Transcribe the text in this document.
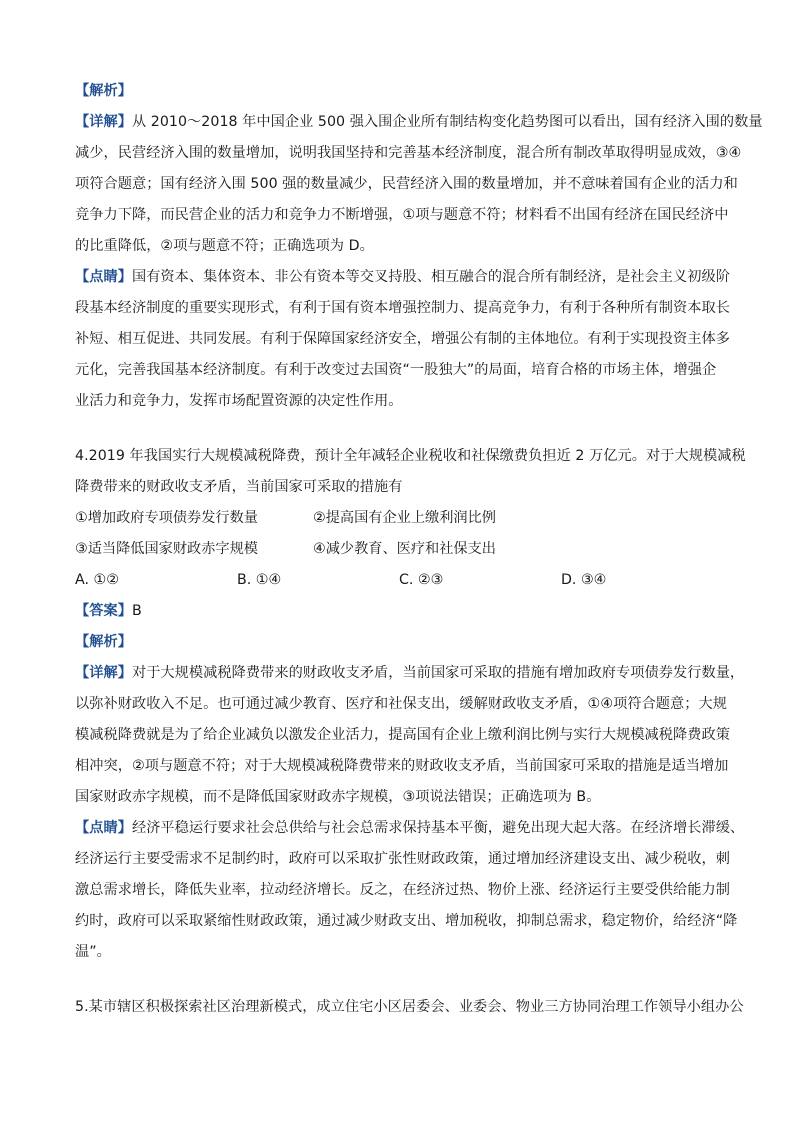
【解析】
【详解】从 2010～2018 年中国企业 500 强入围企业所有制结构变化趋势图可以看出，国有经济入围的数量
减少，民营经济入围的数量增加，说明我国坚持和完善基本经济制度，混合所有制改革取得明显成效，③④
项符合题意；国有经济入围 500 强的数量减少，民营经济入围的数量增加，并不意味着国有企业的活力和
竞争力下降，而民营企业的活力和竞争力不断增强，①项与题意不符；材料看不出国有经济在国民经济中
的比重降低，②项与题意不符；正确选项为 D。
【点睛】国有资本、集体资本、非公有资本等交叉持股、相互融合的混合所有制经济，是社会主义初级阶
段基本经济制度的重要实现形式，有利于国有资本增强控制力、提高竞争力，有利于各种所有制资本取长
补短、相互促进、共同发展。有利于保障国家经济安全，增强公有制的主体地位。有利于实现投资主体多
元化，完善我国基本经济制度。有利于改变过去国资“一股独大”的局面，培育合格的市场主体，增强企
业活力和竞争力，发挥市场配置资源的决定性作用。
4.2019 年我国实行大规模减税降费，预计全年减轻企业税收和社保缴费负担近 2 万亿元。对于大规模减税
降费带来的财政收支矛盾，当前国家可采取的措施有
①增加政府专项债券发行数量	②提高国有企业上缴利润比例
③适当降低国家财政赤字规模	④减少教育、医疗和社保支出
A. ①②	B. ①④	C. ②③	D. ③④
【答案】B
【解析】
【详解】对于大规模减税降费带来的财政收支矛盾，当前国家可采取的措施有增加政府专项债券发行数量，
以弥补财政收入不足。也可通过减少教育、医疗和社保支出，缓解财政收支矛盾，①④项符合题意；大规
模减税降费就是为了给企业减负以激发企业活力，提高国有企业上缴利润比例与实行大规模减税降费政策
相冲突，②项与题意不符；对于大规模减税降费带来的财政收支矛盾，当前国家可采取的措施是适当增加
国家财政赤字规模，而不是降低国家财政赤字规模，③项说法错误；正确选项为 B。
【点睛】经济平稳运行要求社会总供给与社会总需求保持基本平衡，避免出现大起大落。在经济增长滞缓、
经济运行主要受需求不足制约时，政府可以采取扩张性财政政策，通过增加经济建设支出、减少税收，刺
激总需求增长，降低失业率，拉动经济增长。反之，在经济过热、物价上涨、经济运行主要受供给能力制
约时，政府可以采取紧缩性财政政策，通过减少财政支出、增加税收，抑制总需求，稳定物价，给经济“降
温”。
5.某市辖区积极探索社区治理新模式，成立住宅小区居委会、业委会、物业三方协同治理工作领导小组办公
